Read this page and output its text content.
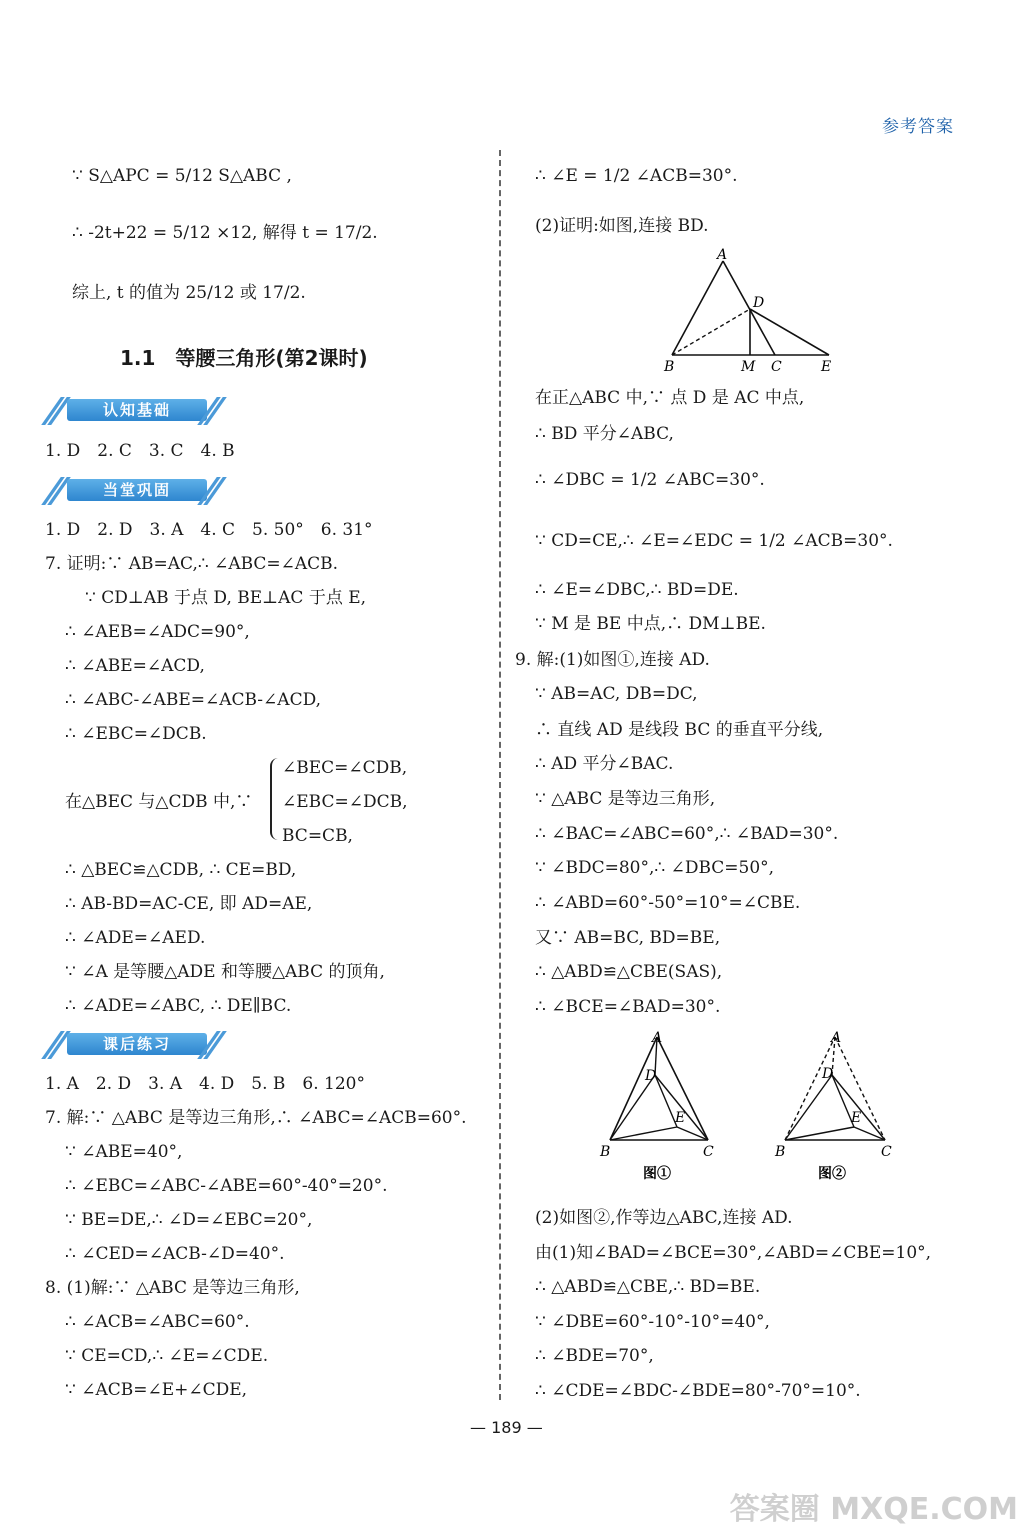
参考答案
∵ S△APC = 5/12 S△ABC ,
∴ -2t+22 = 5/12 ×12, 解得 t = 17/2.
综上, t 的值为 25/12 或 17/2.
1.1　等腰三角形(第2课时)
认知基础
1. D　2. C　3. C　4. B
当堂巩固
1. D　2. D　3. A　4. C　5. 50°　6. 31°
7. 证明:∵ AB=AC,∴ ∠ABC=∠ACB.
∵ CD⊥AB 于点 D, BE⊥AC 于点 E,
∴ ∠AEB=∠ADC=90°,
∴ ∠ABE=∠ACD,
∴ ∠ABC-∠ABE=∠ACB-∠ACD,
∴ ∠EBC=∠DCB.
在△BEC 与△CDB 中,∵
∠BEC=∠CDB,
∠EBC=∠DCB,
BC=CB,
∴ △BEC≌△CDB, ∴ CE=BD,
∴ AB-BD=AC-CE, 即 AD=AE,
∴ ∠ADE=∠AED.
∵ ∠A 是等腰△ADE 和等腰△ABC 的顶角,
∴ ∠ADE=∠ABC, ∴ DE∥BC.
课后练习
1. A　2. D　3. A　4. D　5. B　6. 120°
7. 解:∵ △ABC 是等边三角形,∴ ∠ABC=∠ACB=60°.
∵ ∠ABE=40°,
∴ ∠EBC=∠ABC-∠ABE=60°-40°=20°.
∵ BE=DE,∴ ∠D=∠EBC=20°,
∴ ∠CED=∠ACB-∠D=40°.
8. (1)解:∵ △ABC 是等边三角形,
∴ ∠ACB=∠ABC=60°.
∵ CE=CD,∴ ∠E=∠CDE.
∵ ∠ACB=∠E+∠CDE,
∴ ∠E = 1/2 ∠ACB=30°.
(2)证明:如图,连接 BD.
A
D
B	M C	E
在正△ABC 中,∵ 点 D 是 AC 中点,
∴ BD 平分∠ABC,
∴ ∠DBC = 1/2 ∠ABC=30°.
∵ CD=CE,∴ ∠E=∠EDC = 1/2 ∠ACB=30°.
∴ ∠E=∠DBC,∴ BD=DE.
∵ M 是 BE 中点,∴ DM⊥BE.
9. 解:(1)如图①,连接 AD.
∵ AB=AC, DB=DC,
∴ 直线 AD 是线段 BC 的垂直平分线,
∴ AD 平分∠BAC.
∵ △ABC 是等边三角形,
∴ ∠BAC=∠ABC=60°,∴ ∠BAD=30°.
∵ ∠BDC=80°,∴ ∠DBC=50°,
∴ ∠ABD=60°-50°=10°=∠CBE.
又∵ AB=BC, BD=BE,
∴ △ABD≌△CBE(SAS),
∴ ∠BCE=∠BAD=30°.
A
D
E
B	C
图①
A
D
E
B	C
图②
(2)如图②,作等边△ABC,连接 AD.
由(1)知∠BAD=∠BCE=30°,∠ABD=∠CBE=10°,
∴ △ABD≌△CBE,∴ BD=BE.
∵ ∠DBE=60°-10°-10°=40°,
∴ ∠BDE=70°,
∴ ∠CDE=∠BDC-∠BDE=80°-70°=10°.
— 189 —
答案圈 MXQE.COM
